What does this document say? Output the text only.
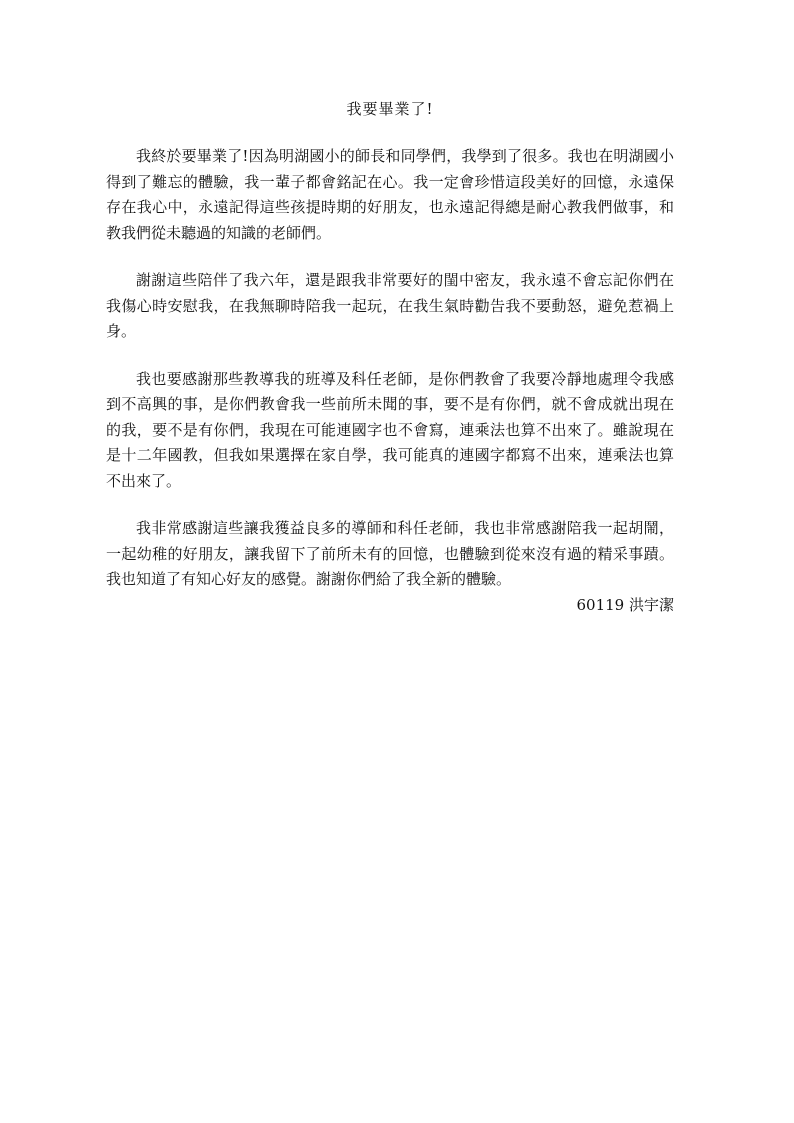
我要畢業了!

我終於要畢業了!因為明湖國小的師長和同學們，我學到了很多。我也在明湖國小得到了難忘的體驗，我一輩子都會銘記在心。我一定會珍惜這段美好的回憶，永遠保存在我心中，永遠記得這些孩提時期的好朋友，也永遠記得總是耐心教我們做事，和教我們從未聽過的知識的老師們。

謝謝這些陪伴了我六年，還是跟我非常要好的閨中密友，我永遠不會忘記你們在我傷心時安慰我，在我無聊時陪我一起玩，在我生氣時勸告我不要動怒，避免惹禍上身。

我也要感謝那些教導我的班導及科任老師，是你們教會了我要冷靜地處理令我感到不高興的事，是你們教會我一些前所未聞的事，要不是有你們，就不會成就出現在的我，要不是有你們，我現在可能連國字也不會寫，連乘法也算不出來了。雖說現在是十二年國教，但我如果選擇在家自學，我可能真的連國字都寫不出來，連乘法也算不出來了。

我非常感謝這些讓我獲益良多的導師和科任老師，我也非常感謝陪我一起胡鬧，一起幼稚的好朋友，讓我留下了前所未有的回憶，也體驗到從來沒有過的精采事蹟。我也知道了有知心好友的感覺。謝謝你們給了我全新的體驗。

60119 洪宇潔
